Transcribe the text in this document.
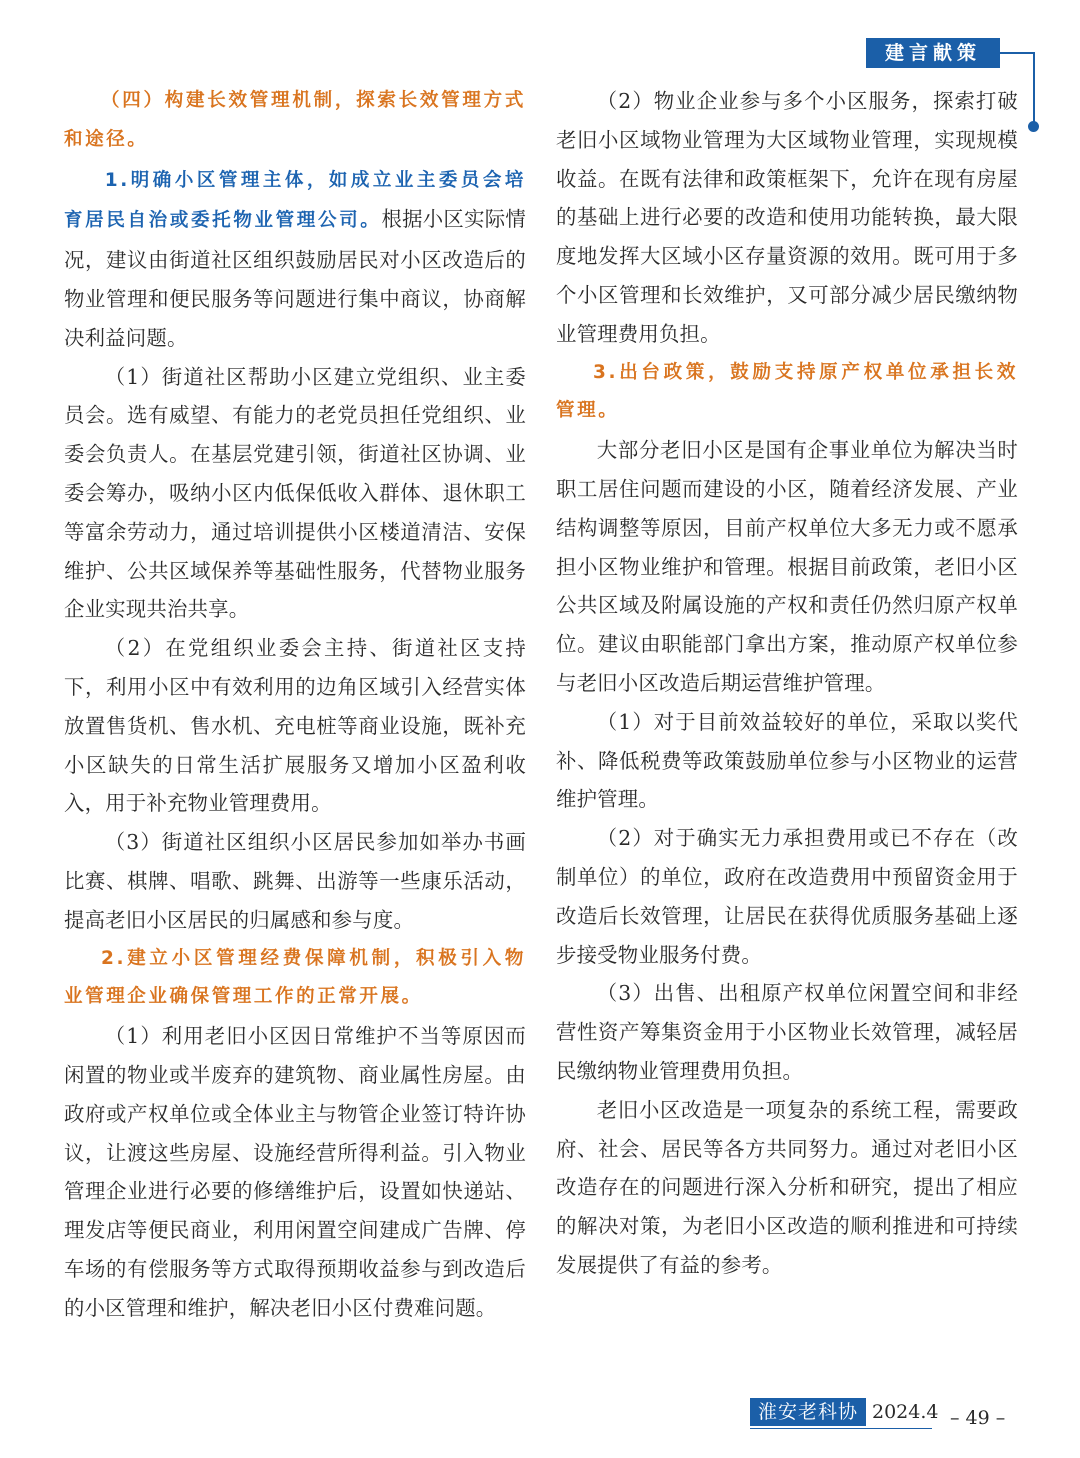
建言献策

（四）构建长效管理机制，探索长效管理方式和途径。

1.明确小区管理主体，如成立业主委员会培育居民自治或委托物业管理公司。根据小区实际情况，建议由街道社区组织鼓励居民对小区改造后的物业管理和便民服务等问题进行集中商议，协商解决利益问题。

（1）街道社区帮助小区建立党组织、业主委员会。选有威望、有能力的老党员担任党组织、业委会负责人。在基层党建引领，街道社区协调、业委会筹办，吸纳小区内低保低收入群体、退休职工等富余劳动力，通过培训提供小区楼道清洁、安保维护、公共区域保养等基础性服务，代替物业服务企业实现共治共享。

（2）在党组织业委会主持、街道社区支持下，利用小区中有效利用的边角区域引入经营实体放置售货机、售水机、充电桩等商业设施，既补充小区缺失的日常生活扩展服务又增加小区盈利收入，用于补充物业管理费用。

（3）街道社区组织小区居民参加如举办书画比赛、棋牌、唱歌、跳舞、出游等一些康乐活动，提高老旧小区居民的归属感和参与度。

2.建立小区管理经费保障机制，积极引入物业管理企业确保管理工作的正常开展。

（1）利用老旧小区因日常维护不当等原因而闲置的物业或半废弃的建筑物、商业属性房屋。由政府或产权单位或全体业主与物管企业签订特许协议，让渡这些房屋、设施经营所得利益。引入物业管理企业进行必要的修缮维护后，设置如快递站、理发店等便民商业，利用闲置空间建成广告牌、停车场的有偿服务等方式取得预期收益参与到改造后的小区管理和维护，解决老旧小区付费难问题。

（2）物业企业参与多个小区服务，探索打破老旧小区域物业管理为大区域物业管理，实现规模收益。在既有法律和政策框架下，允许在现有房屋的基础上进行必要的改造和使用功能转换，最大限度地发挥大区域小区存量资源的效用。既可用于多个小区管理和长效维护，又可部分减少居民缴纳物业管理费用负担。

3.出台政策，鼓励支持原产权单位承担长效管理。

大部分老旧小区是国有企事业单位为解决当时职工居住问题而建设的小区，随着经济发展、产业结构调整等原因，目前产权单位大多无力或不愿承担小区物业维护和管理。根据目前政策，老旧小区公共区域及附属设施的产权和责任仍然归原产权单位。建议由职能部门拿出方案，推动原产权单位参与老旧小区改造后期运营维护管理。

（1）对于目前效益较好的单位，采取以奖代补、降低税费等政策鼓励单位参与小区物业的运营维护管理。

（2）对于确实无力承担费用或已不存在（改制单位）的单位，政府在改造费用中预留资金用于改造后长效管理，让居民在获得优质服务基础上逐步接受物业服务付费。

（3）出售、出租原产权单位闲置空间和非经营性资产筹集资金用于小区物业长效管理，减轻居民缴纳物业管理费用负担。

老旧小区改造是一项复杂的系统工程，需要政府、社会、居民等各方共同努力。通过对老旧小区改造存在的问题进行深入分析和研究，提出了相应的解决对策，为老旧小区改造的顺利推进和可持续发展提供了有益的参考。

淮安老科协 2024.4 – 49 –
